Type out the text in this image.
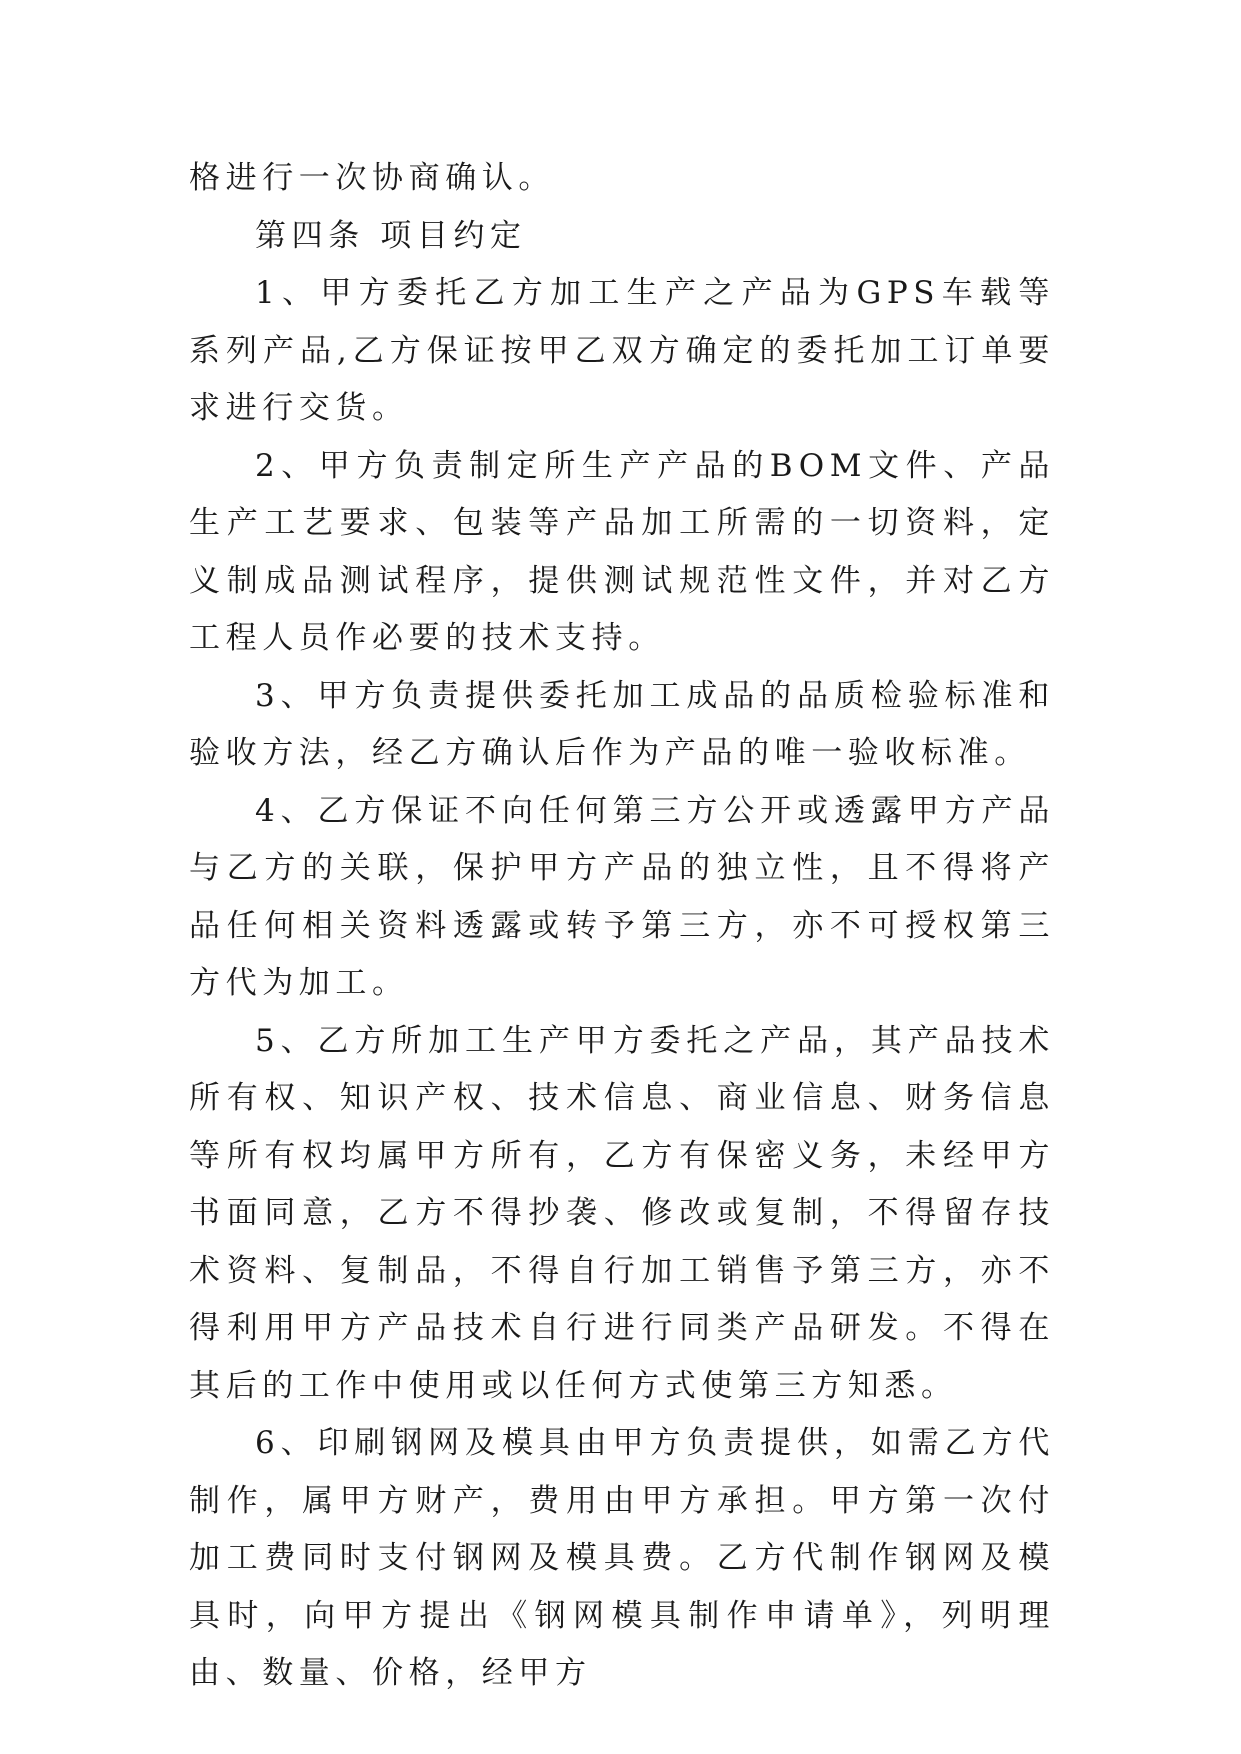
格进行一次协商确认。

第四条 项目约定

1、甲方委托乙方加工生产之产品为GPS车载等系列产品,乙方保证按甲乙双方确定的委托加工订单要求进行交货。

2、甲方负责制定所生产产品的BOM文件、产品生产工艺要求、包装等产品加工所需的一切资料，定义制成品测试程序，提供测试规范性文件，并对乙方工程人员作必要的技术支持。

3、甲方负责提供委托加工成品的品质检验标准和验收方法，经乙方确认后作为产品的唯一验收标准。

4、乙方保证不向任何第三方公开或透露甲方产品与乙方的关联，保护甲方产品的独立性，且不得将产品任何相关资料透露或转予第三方，亦不可授权第三方代为加工。

5、乙方所加工生产甲方委托之产品，其产品技术所有权、知识产权、技术信息、商业信息、财务信息等所有权均属甲方所有，乙方有保密义务，未经甲方书面同意，乙方不得抄袭、修改或复制，不得留存技术资料、复制品，不得自行加工销售予第三方，亦不得利用甲方产品技术自行进行同类产品研发。不得在其后的工作中使用或以任何方式使第三方知悉。

6、印刷钢网及模具由甲方负责提供，如需乙方代制作，属甲方财产，费用由甲方承担。甲方第一次付加工费同时支付钢网及模具费。乙方代制作钢网及模具时，向甲方提出《钢网模具制作申请单》，列明理由、数量、价格，经甲方
